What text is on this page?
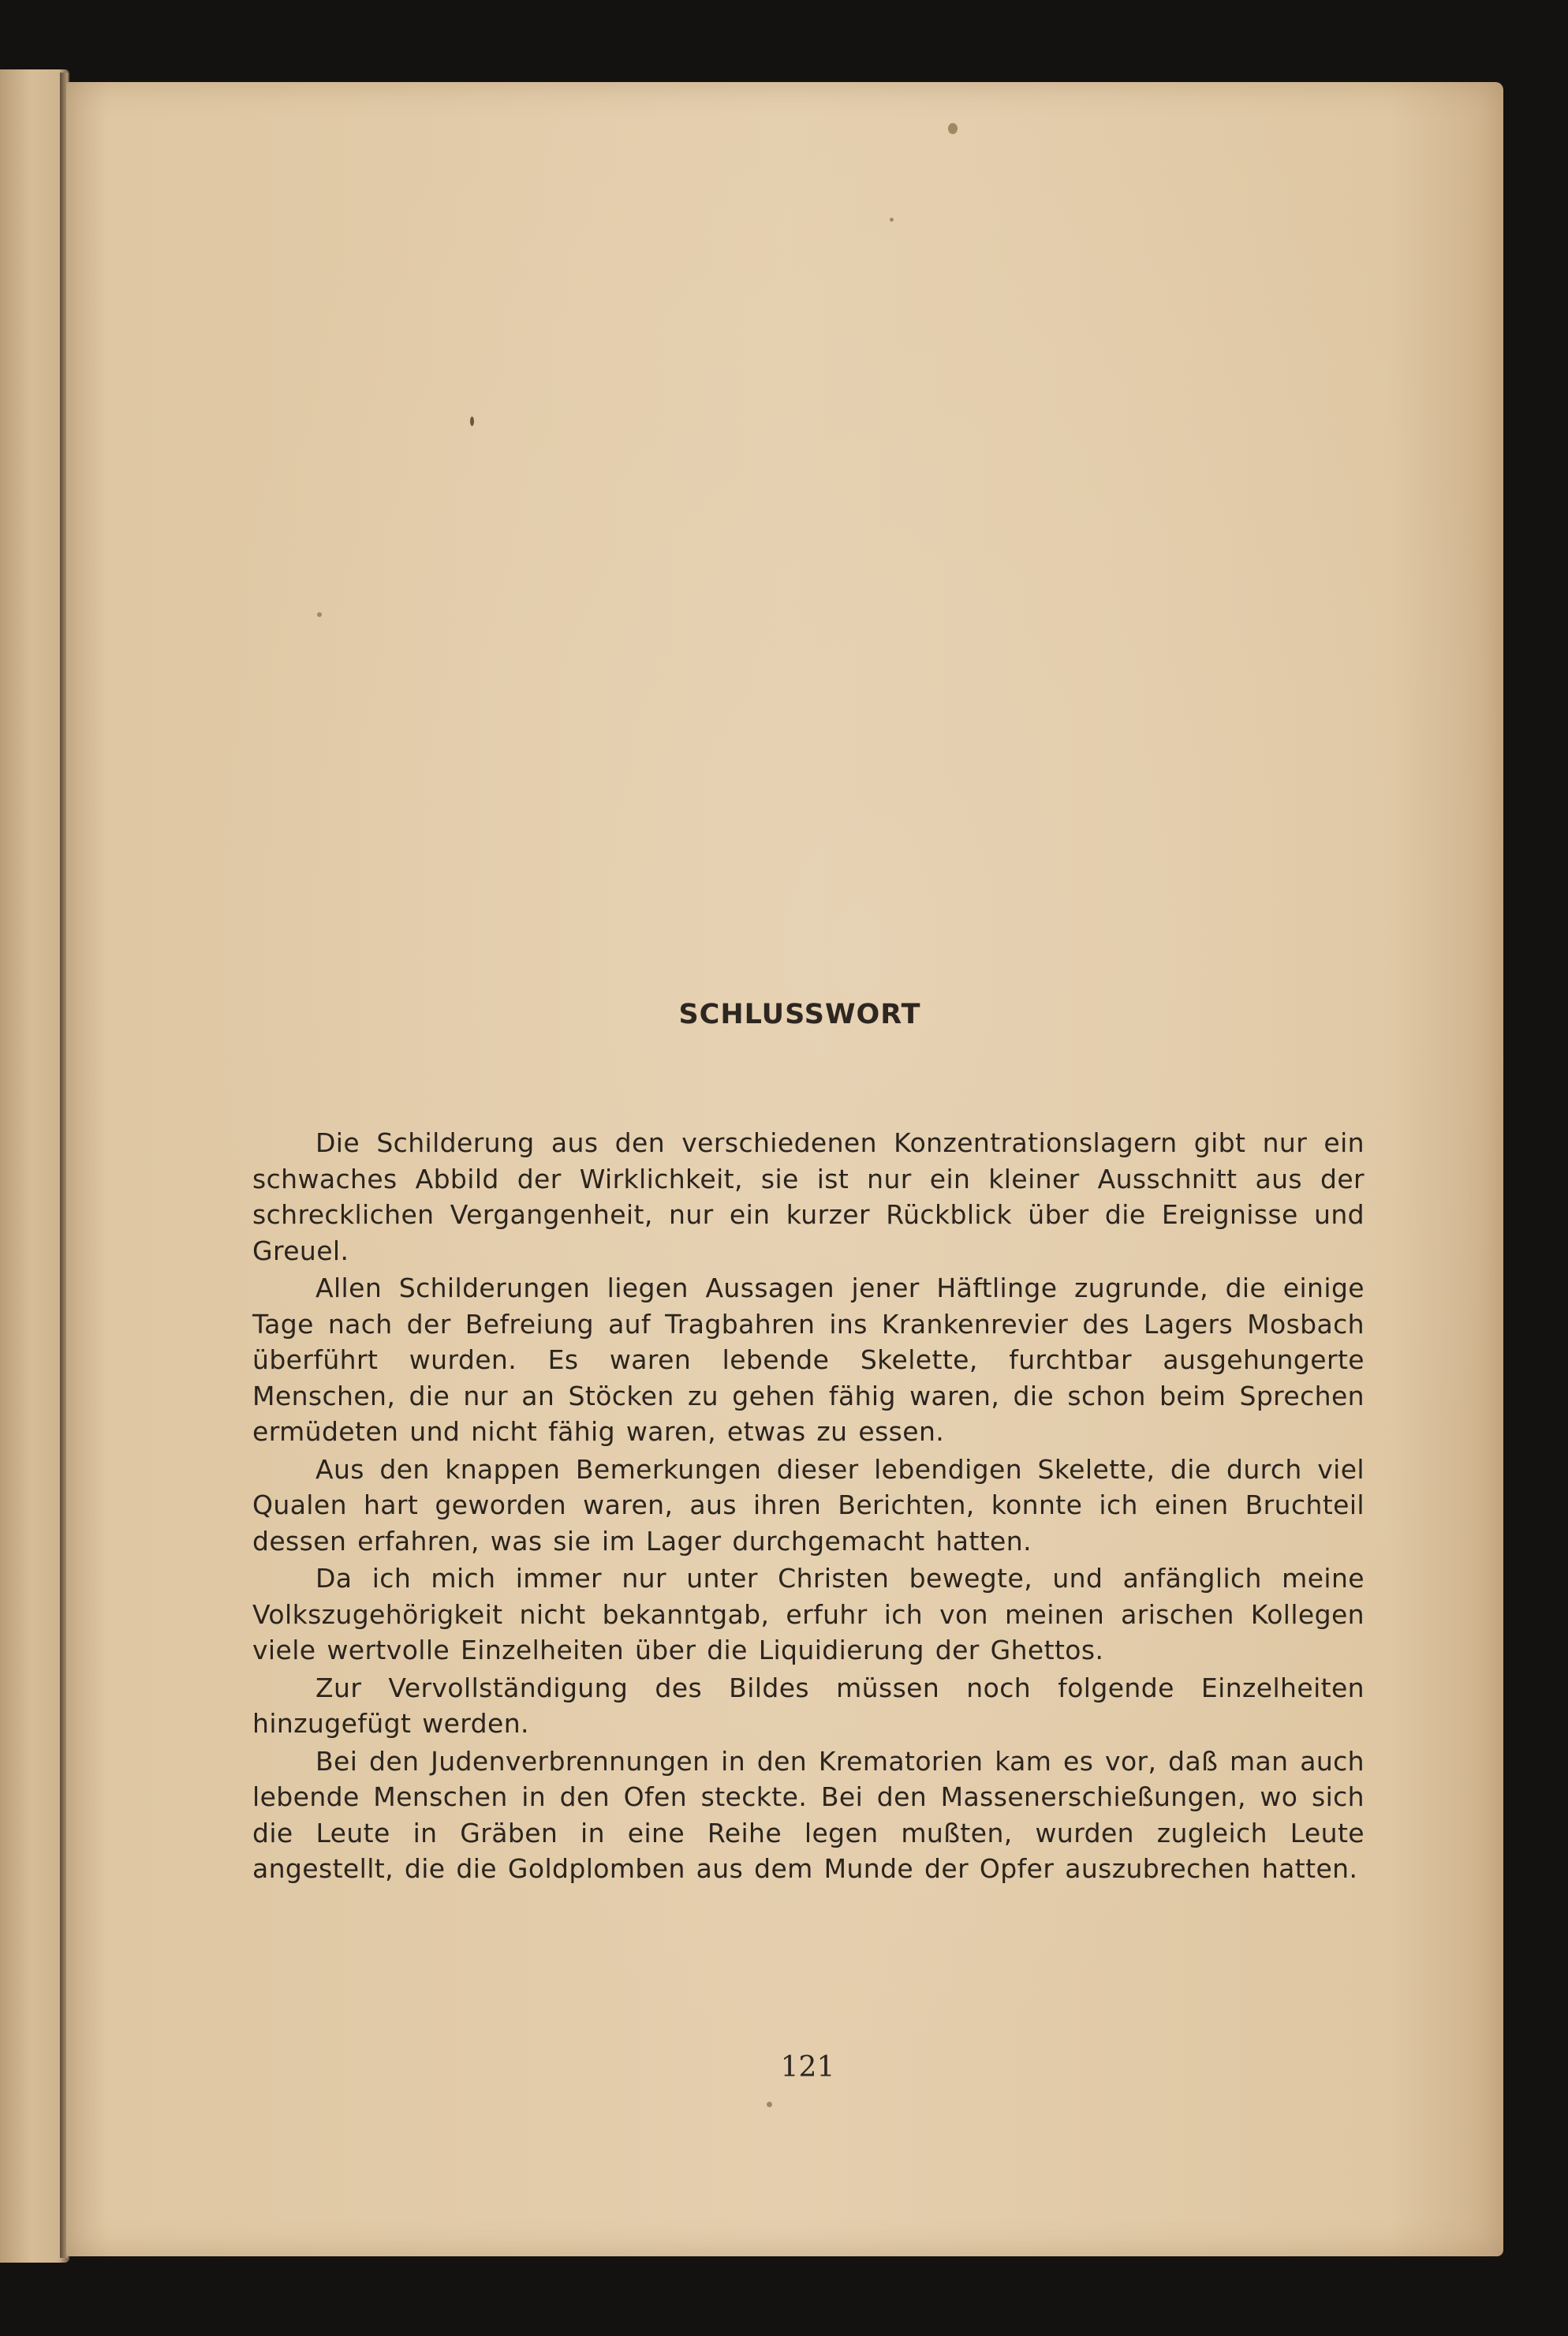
SCHLUSSWORT

Die Schilderung aus den verschiedenen Konzentrationslagern gibt nur ein schwaches Abbild der Wirklichkeit, sie ist nur ein kleiner Ausschnitt aus der schrecklichen Vergangenheit, nur ein kurzer Rückblick über die Ereignisse und Greuel.

Allen Schilderungen liegen Aussagen jener Häftlinge zugrunde, die einige Tage nach der Befreiung auf Tragbahren ins Krankenrevier des Lagers Mosbach überführt wurden. Es waren lebende Skelette, furchtbar ausgehungerte Menschen, die nur an Stöcken zu gehen fähig waren, die schon beim Sprechen ermüdeten und nicht fähig waren, etwas zu essen.

Aus den knappen Bemerkungen dieser lebendigen Skelette, die durch viel Qualen hart geworden waren, aus ihren Berichten, konnte ich einen Bruchteil dessen erfahren, was sie im Lager durchgemacht hatten.

Da ich mich immer nur unter Christen bewegte, und anfänglich meine Volkszugehörigkeit nicht bekanntgab, erfuhr ich von meinen arischen Kollegen viele wertvolle Einzelheiten über die Liquidierung der Ghettos.

Zur Vervollständigung des Bildes müssen noch folgende Einzelheiten hinzugefügt werden.

Bei den Judenverbrennungen in den Krematorien kam es vor, daß man auch lebende Menschen in den Ofen steckte. Bei den Massenerschießungen, wo sich die Leute in Gräben in eine Reihe legen mußten, wurden zugleich Leute angestellt, die die Goldplomben aus dem Munde der Opfer auszubrechen hatten.

121
